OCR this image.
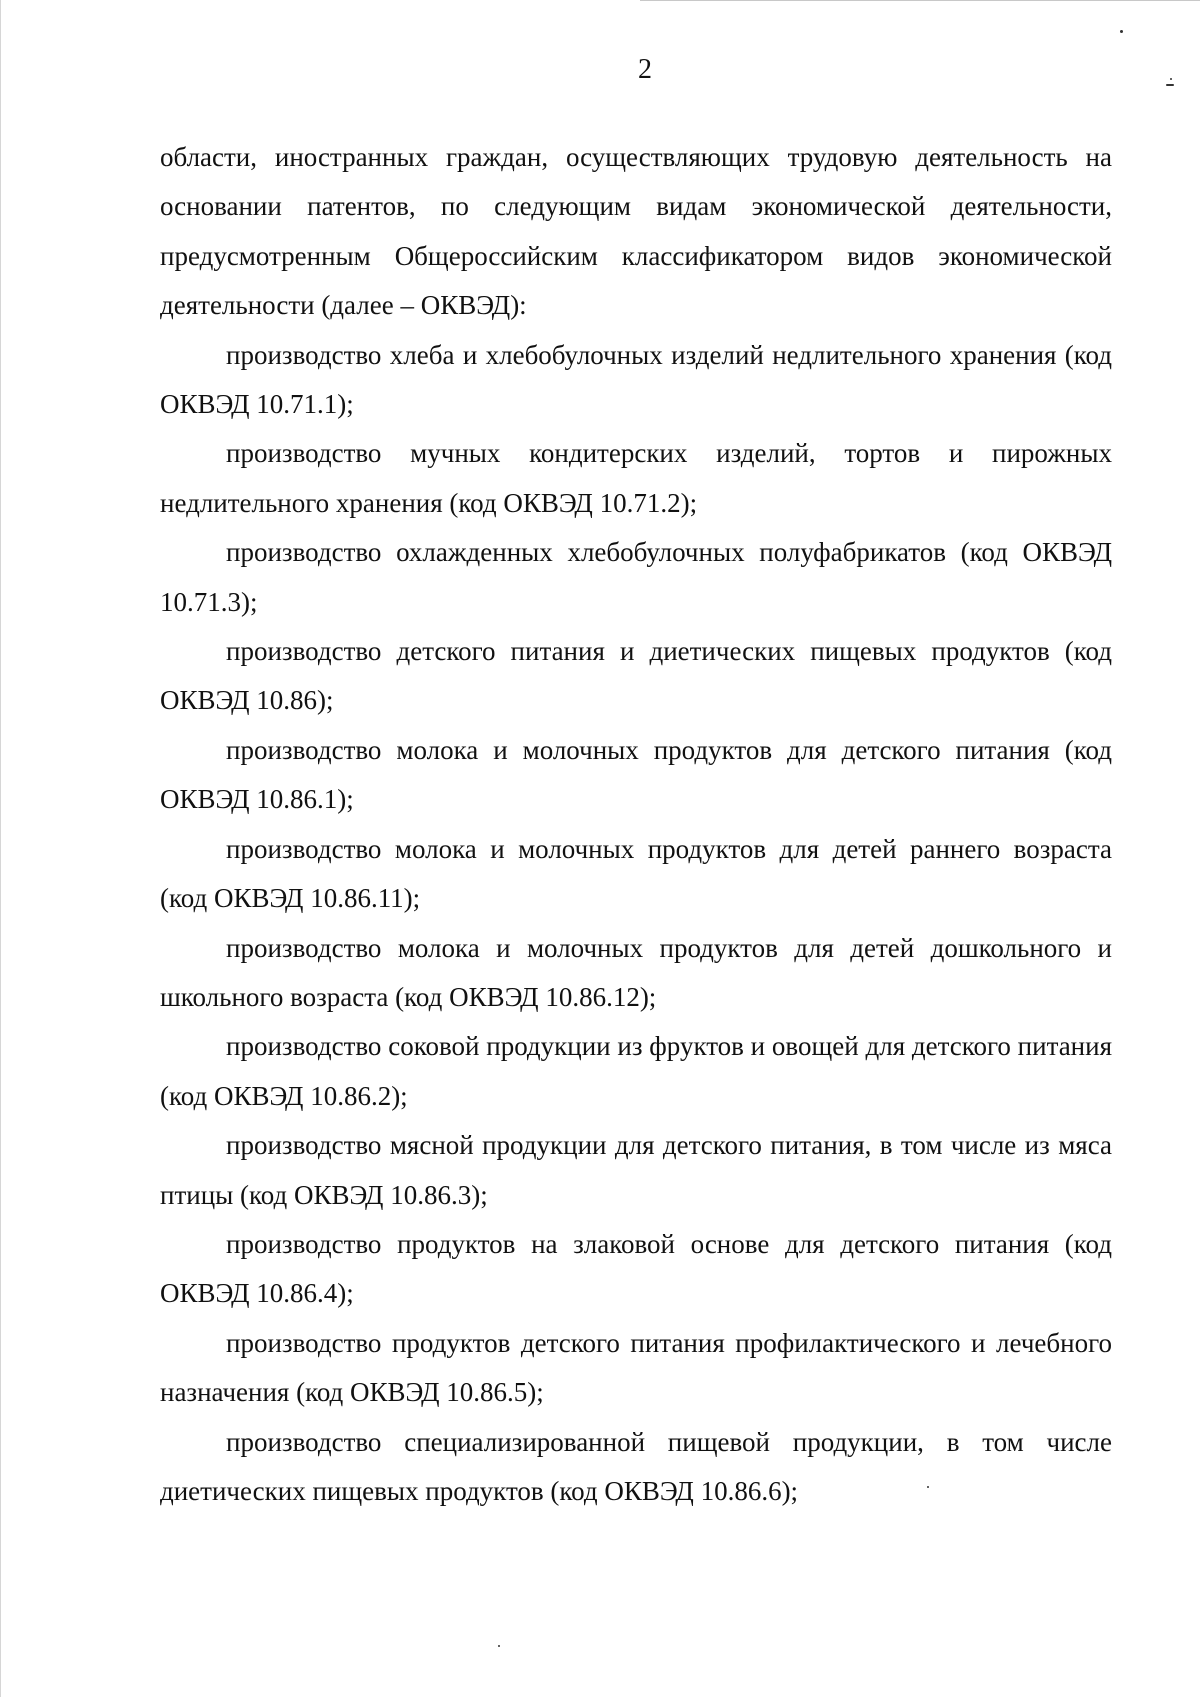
2

области, иностранных граждан, осуществляющих трудовую деятельность на основании патентов, по следующим видам экономической деятельности, предусмотренным Общероссийским классификатором видов экономической деятельности (далее – ОКВЭД):

производство хлеба и хлебобулочных изделий недлительного хранения (код ОКВЭД 10.71.1);

производство мучных кондитерских изделий, тортов и пирожных недлительного хранения (код ОКВЭД 10.71.2);

производство охлажденных хлебобулочных полуфабрикатов (код ОКВЭД 10.71.3);

производство детского питания и диетических пищевых продуктов (код ОКВЭД 10.86);

производство молока и молочных продуктов для детского питания (код ОКВЭД 10.86.1);

производство молока и молочных продуктов для детей раннего возраста (код ОКВЭД 10.86.11);

производство молока и молочных продуктов для детей дошкольного и школьного возраста (код ОКВЭД 10.86.12);

производство соковой продукции из фруктов и овощей для детского питания (код ОКВЭД 10.86.2);

производство мясной продукции для детского питания, в том числе из мяса птицы (код ОКВЭД 10.86.3);

производство продуктов на злаковой основе для детского питания (код ОКВЭД 10.86.4);

производство продуктов детского питания профилактического и лечебного назначения (код ОКВЭД 10.86.5);

производство специализированной пищевой продукции, в том числе диетических пищевых продуктов (код ОКВЭД 10.86.6);
